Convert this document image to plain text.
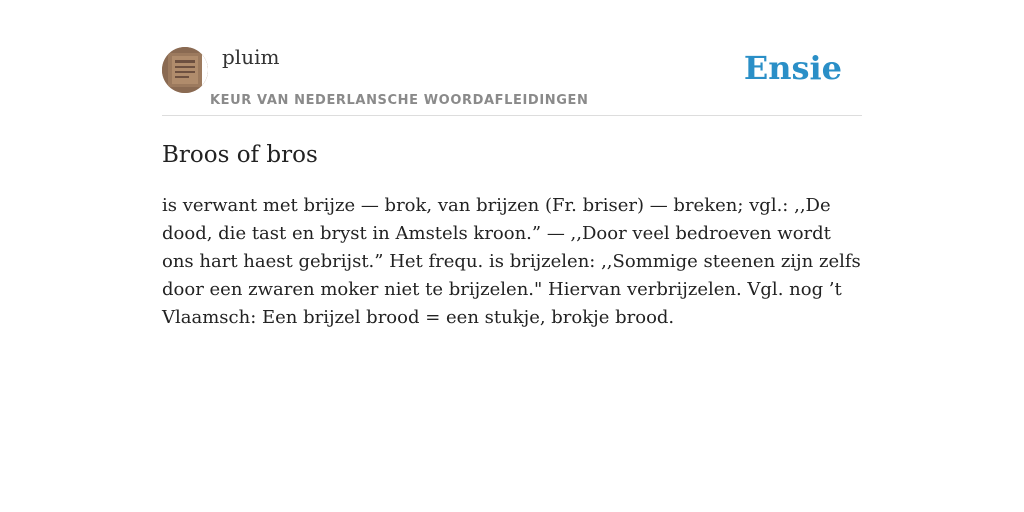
pluim
KEUR VAN NEDERLANSCHE WOORDAFLEIDINGEN
Ensie
Broos of bros

is verwant met brijze — brok, van brijzen (Fr. briser) — breken; vgl.: ,,De dood, die tast en bryst in Amstels kroon.” — ,,Door veel bedroeven wordt ons hart haest gebrijst.” Het frequ. is brijzelen: ,,Sommige steenen zijn zelfs door een zwaren moker niet te brijzelen." Hiervan verbrijzelen. Vgl. nog ’t Vlaamsch: Een brijzel brood = een stukje, brokje brood.
